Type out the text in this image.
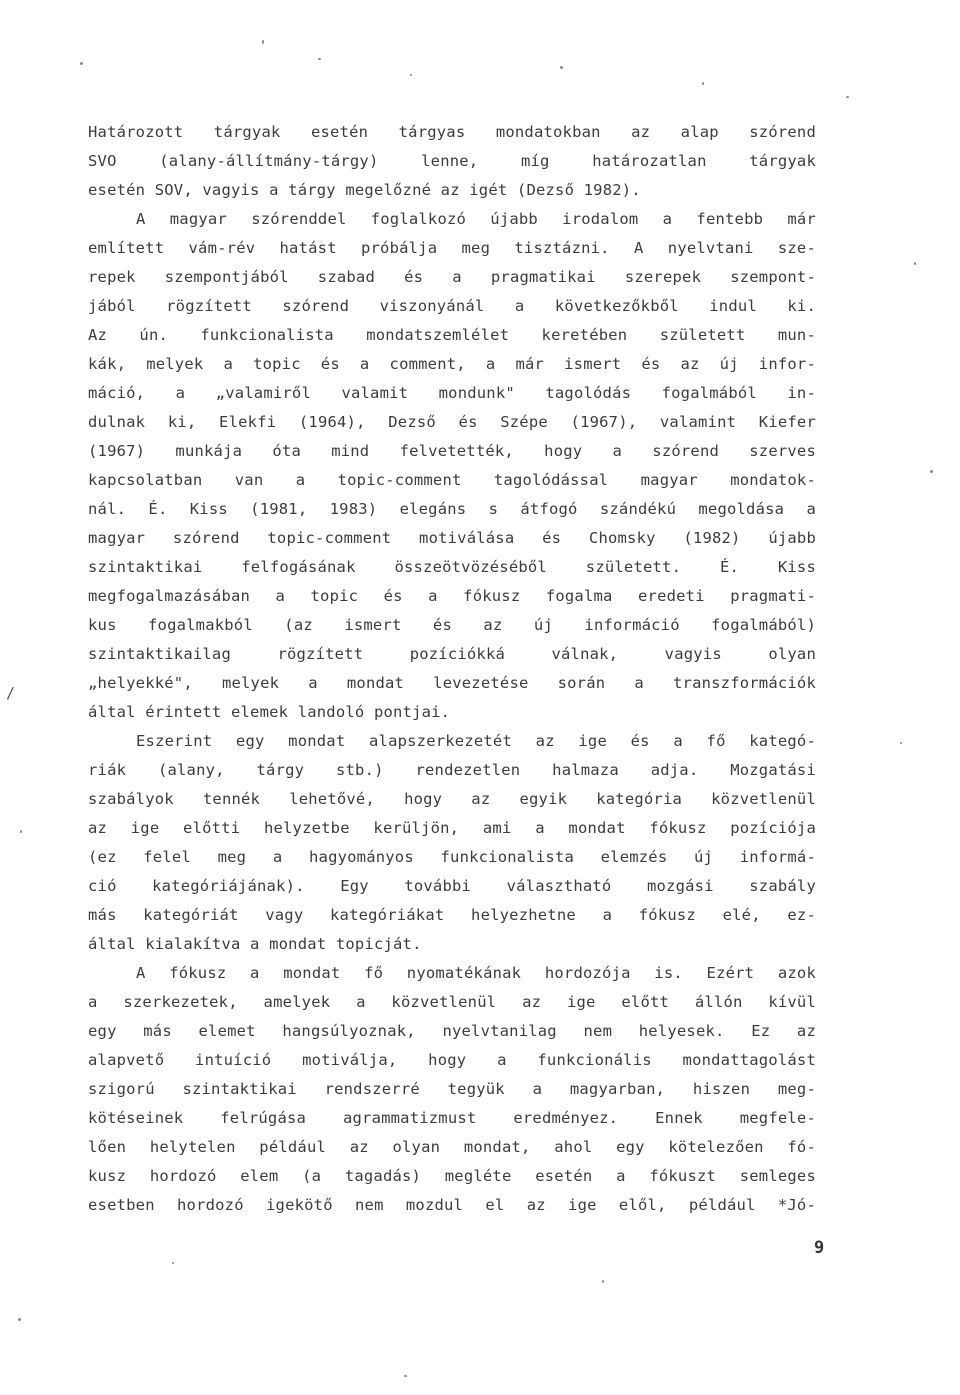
Határozott tárgyak esetén tárgyas mondatokban az alap szórend
SVO (alany-állítmány-tárgy) lenne, míg határozatlan tárgyak
esetén SOV, vagyis a tárgy megelőzné az igét (Dezső 1982).
A magyar szórenddel foglalkozó újabb irodalom a fentebb már
említett vám-rév hatást próbálja meg tisztázni. A nyelvtani sze-
repek szempontjából szabad és a pragmatikai szerepek szempont-
jából rögzített szórend viszonyánál a következőkből indul ki.
Az ún. funkcionalista mondatszemlélet keretében született mun-
kák, melyek a topic és a comment, a már ismert és az új infor-
máció, a „valamiről valamit mondunk" tagolódás fogalmából in-
dulnak ki, Elekfi (1964), Dezső és Szépe (1967), valamint Kiefer
(1967) munkája óta mind felvetették, hogy a szórend szerves
kapcsolatban van a topic-comment tagolódással magyar mondatok-
nál. É. Kiss (1981, 1983) elegáns s átfogó szándékú megoldása a
magyar szórend topic-comment motiválása és Chomsky (1982) újabb
szintaktikai felfogásának összeötvözéséből született. É. Kiss
megfogalmazásában a topic és a fókusz fogalma eredeti pragmati-
kus fogalmakból (az ismert és az új információ fogalmából)
szintaktikailag rögzített pozíciókká válnak, vagyis olyan
„helyekké", melyek a mondat levezetése során a transzformációk
által érintett elemek landoló pontjai.
Eszerint egy mondat alapszerkezetét az ige és a fő kategó-
riák (alany, tárgy stb.) rendezetlen halmaza adja. Mozgatási
szabályok tennék lehetővé, hogy az egyik kategória közvetlenül
az ige előtti helyzetbe kerüljön, ami a mondat fókusz pozíciója
(ez felel meg a hagyományos funkcionalista elemzés új informá-
ció kategóriájának). Egy további választható mozgási szabály
más kategóriát vagy kategóriákat helyezhetne a fókusz elé, ez-
által kialakítva a mondat topicját.
A fókusz a mondat fő nyomatékának hordozója is. Ezért azok
a szerkezetek, amelyek a közvetlenül az ige előtt állón kívül
egy más elemet hangsúlyoznak, nyelvtanilag nem helyesek. Ez az
alapvető intuíció motiválja, hogy a funkcionális mondattagolást
szigorú szintaktikai rendszerré tegyük a magyarban, hiszen meg-
kötéseinek felrúgása agrammatizmust eredményez. Ennek megfele-
lően helytelen például az olyan mondat, ahol egy kötelezően fó-
kusz hordozó elem (a tagadás) megléte esetén a fókuszt semleges
esetben hordozó igekötő nem mozdul el az ige elől, például *Jó-
9
/
